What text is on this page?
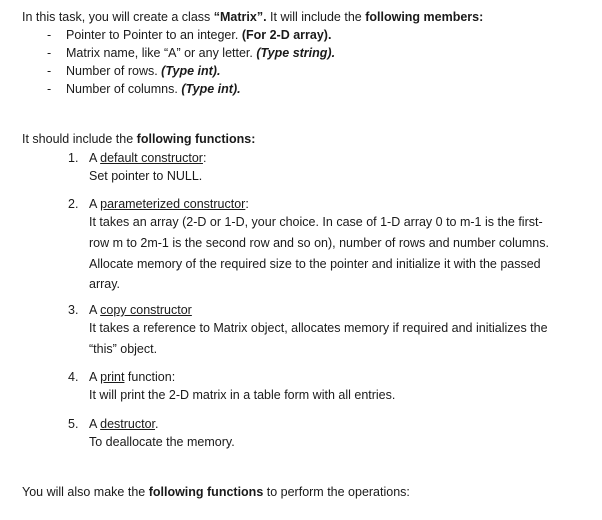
In this task, you will create a class “Matrix”. It will include the following members:
- Pointer to Pointer to an integer. (For 2-D array).
- Matrix name, like “A” or any letter. (Type string).
- Number of rows. (Type int).
- Number of columns. (Type int).
It should include the following functions:
1. A default constructor:
Set pointer to NULL.
2. A parameterized constructor:
It takes an array (2-D or 1-D, your choice. In case of 1-D array 0 to m-1 is the first-
row m to 2m-1 is the second row and so on), number of rows and number columns.
Allocate memory of the required size to the pointer and initialize it with the passed
array.
3. A copy constructor
It takes a reference to Matrix object, allocates memory if required and initializes the
“this” object.
4. A print function:
It will print the 2-D matrix in a table form with all entries.
5. A destructor.
To deallocate the memory.
You will also make the following functions to perform the operations:
